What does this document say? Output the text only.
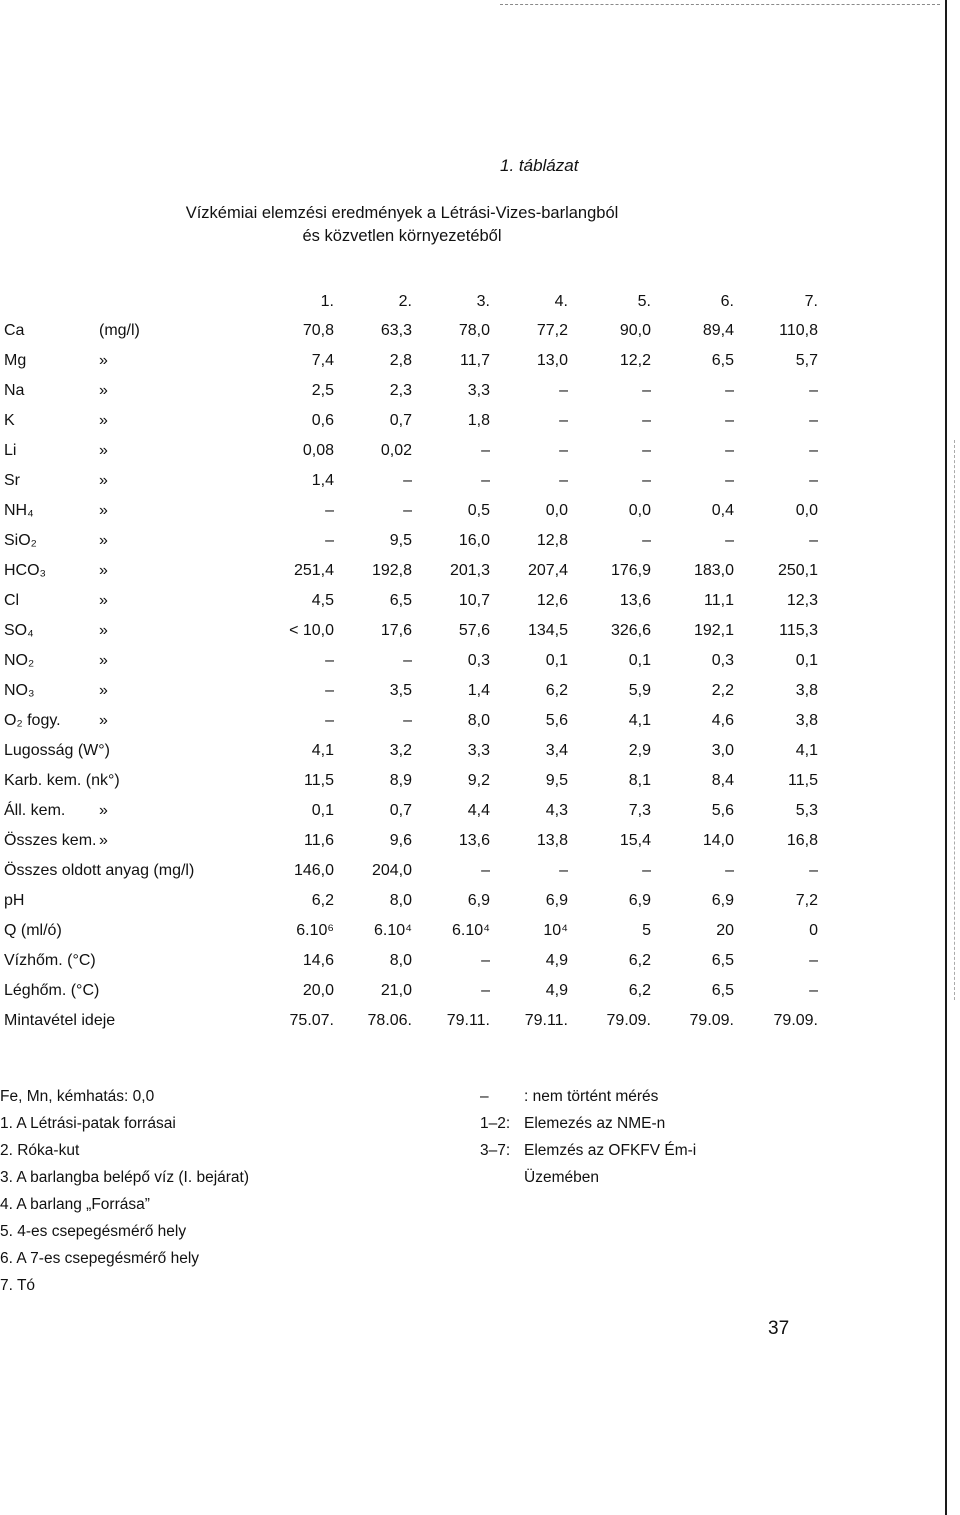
1. táblázat
Vízkémiai elemzési eredmények a Létrási-Vizes-barlangból
és közvetlen környezetéből
	1.	2.	3.	4.	5.	6.	7.
Ca (mg/l)	70,8	63,3	78,0	77,2	90,0	89,4	110,8
Mg »	7,4	2,8	11,7	13,0	12,2	6,5	5,7
Na »	2,5	2,3	3,3	–	–	–	–
K »	0,6	0,7	1,8	–	–	–	–
Li »	0,08	0,02	–	–	–	–	–
Sr »	1,4	–	–	–	–	–	–
NH₄ »	–	–	0,5	0,0	0,0	0,4	0,0
SiO₂ »	–	9,5	16,0	12,8	–	–	–
HCO₃ »	251,4	192,8	201,3	207,4	176,9	183,0	250,1
Cl »	4,5	6,5	10,7	12,6	13,6	11,1	12,3
SO₄ »	< 10,0	17,6	57,6	134,5	326,6	192,1	115,3
NO₂ »	–	–	0,3	0,1	0,1	0,3	0,1
NO₃ »	–	3,5	1,4	6,2	5,9	2,2	3,8
O₂ fogy. »	–	–	8,0	5,6	4,1	4,6	3,8
Lugosság (W°)	4,1	3,2	3,3	3,4	2,9	3,0	4,1
Karb. kem. (nk°)	11,5	8,9	9,2	9,5	8,1	8,4	11,5
Áll. kem. »	0,1	0,7	4,4	4,3	7,3	5,6	5,3
Összes kem. »	11,6	9,6	13,6	13,8	15,4	14,0	16,8
Összes oldott anyag (mg/l)	146,0	204,0	–	–	–	–	–
pH	6,2	8,0	6,9	6,9	6,9	6,9	7,2
Q (ml/ó)	6.10⁶	6.10⁴	6.10⁴	10⁴	5	20	0
Vízhőm. (°C)	14,6	8,0	–	4,9	6,2	6,5	–
Léghőm. (°C)	20,0	21,0	–	4,9	6,2	6,5	–
Mintavétel ideje	75.07.	78.06.	79.11.	79.11.	79.09.	79.09.	79.09.

Fe, Mn, kémhatás: 0,0

1. A Létrási-patak forrásai

2. Róka-kut

3. A barlangba belépő víz (I. bejárat)

4. A barlang „Forrása”

5. 4-es csepegésmérő hely

6. A 7-es csepegésmérő hely

7. Tó

– : nem történt mérés

1–2: Elemezés az NME-n

3–7: Elemzés az OFKFV Ém-i

Üzemében

37
